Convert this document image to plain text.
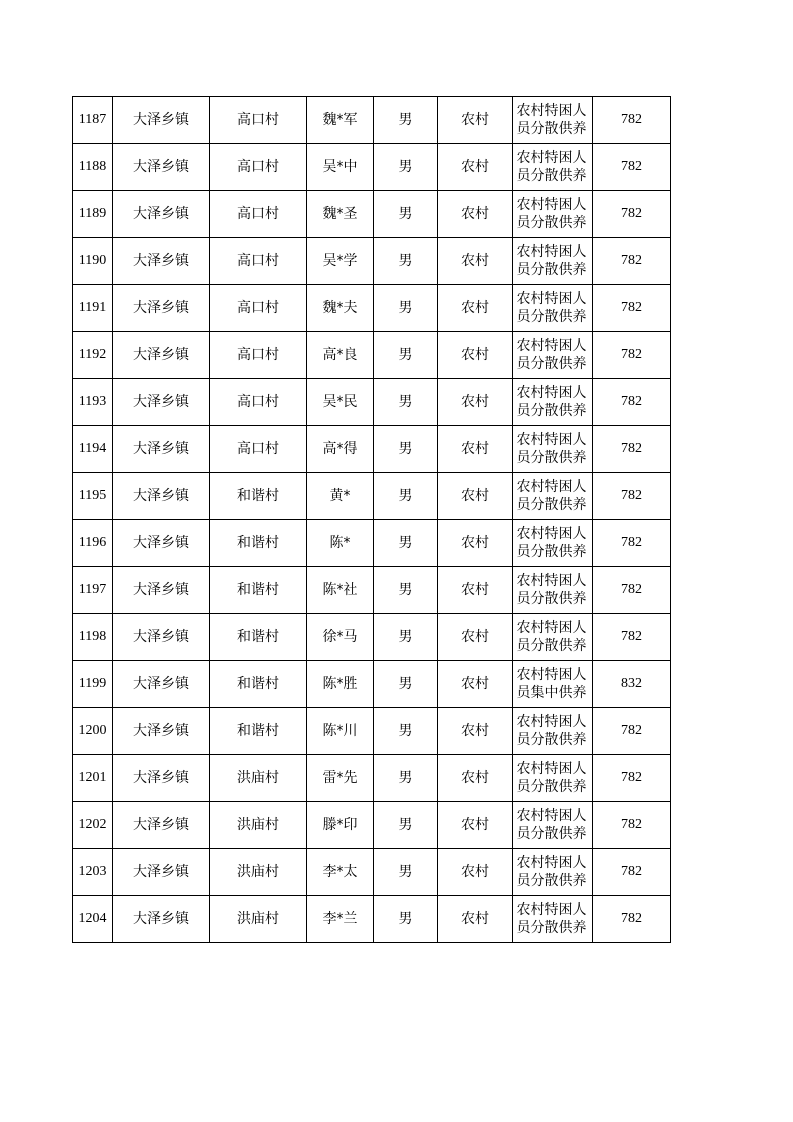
1187	大泽乡镇	高口村	魏*军	男	农村	农村特困人员分散供养	782
1188	大泽乡镇	高口村	吴*中	男	农村	农村特困人员分散供养	782
1189	大泽乡镇	高口村	魏*圣	男	农村	农村特困人员分散供养	782
1190	大泽乡镇	高口村	吴*学	男	农村	农村特困人员分散供养	782
1191	大泽乡镇	高口村	魏*夫	男	农村	农村特困人员分散供养	782
1192	大泽乡镇	高口村	高*良	男	农村	农村特困人员分散供养	782
1193	大泽乡镇	高口村	吴*民	男	农村	农村特困人员分散供养	782
1194	大泽乡镇	高口村	高*得	男	农村	农村特困人员分散供养	782
1195	大泽乡镇	和谐村	黄*	男	农村	农村特困人员分散供养	782
1196	大泽乡镇	和谐村	陈*	男	农村	农村特困人员分散供养	782
1197	大泽乡镇	和谐村	陈*社	男	农村	农村特困人员分散供养	782
1198	大泽乡镇	和谐村	徐*马	男	农村	农村特困人员分散供养	782
1199	大泽乡镇	和谐村	陈*胜	男	农村	农村特困人员集中供养	832
1200	大泽乡镇	和谐村	陈*川	男	农村	农村特困人员分散供养	782
1201	大泽乡镇	洪庙村	雷*先	男	农村	农村特困人员分散供养	782
1202	大泽乡镇	洪庙村	滕*印	男	农村	农村特困人员分散供养	782
1203	大泽乡镇	洪庙村	李*太	男	农村	农村特困人员分散供养	782
1204	大泽乡镇	洪庙村	李*兰	男	农村	农村特困人员分散供养	782
